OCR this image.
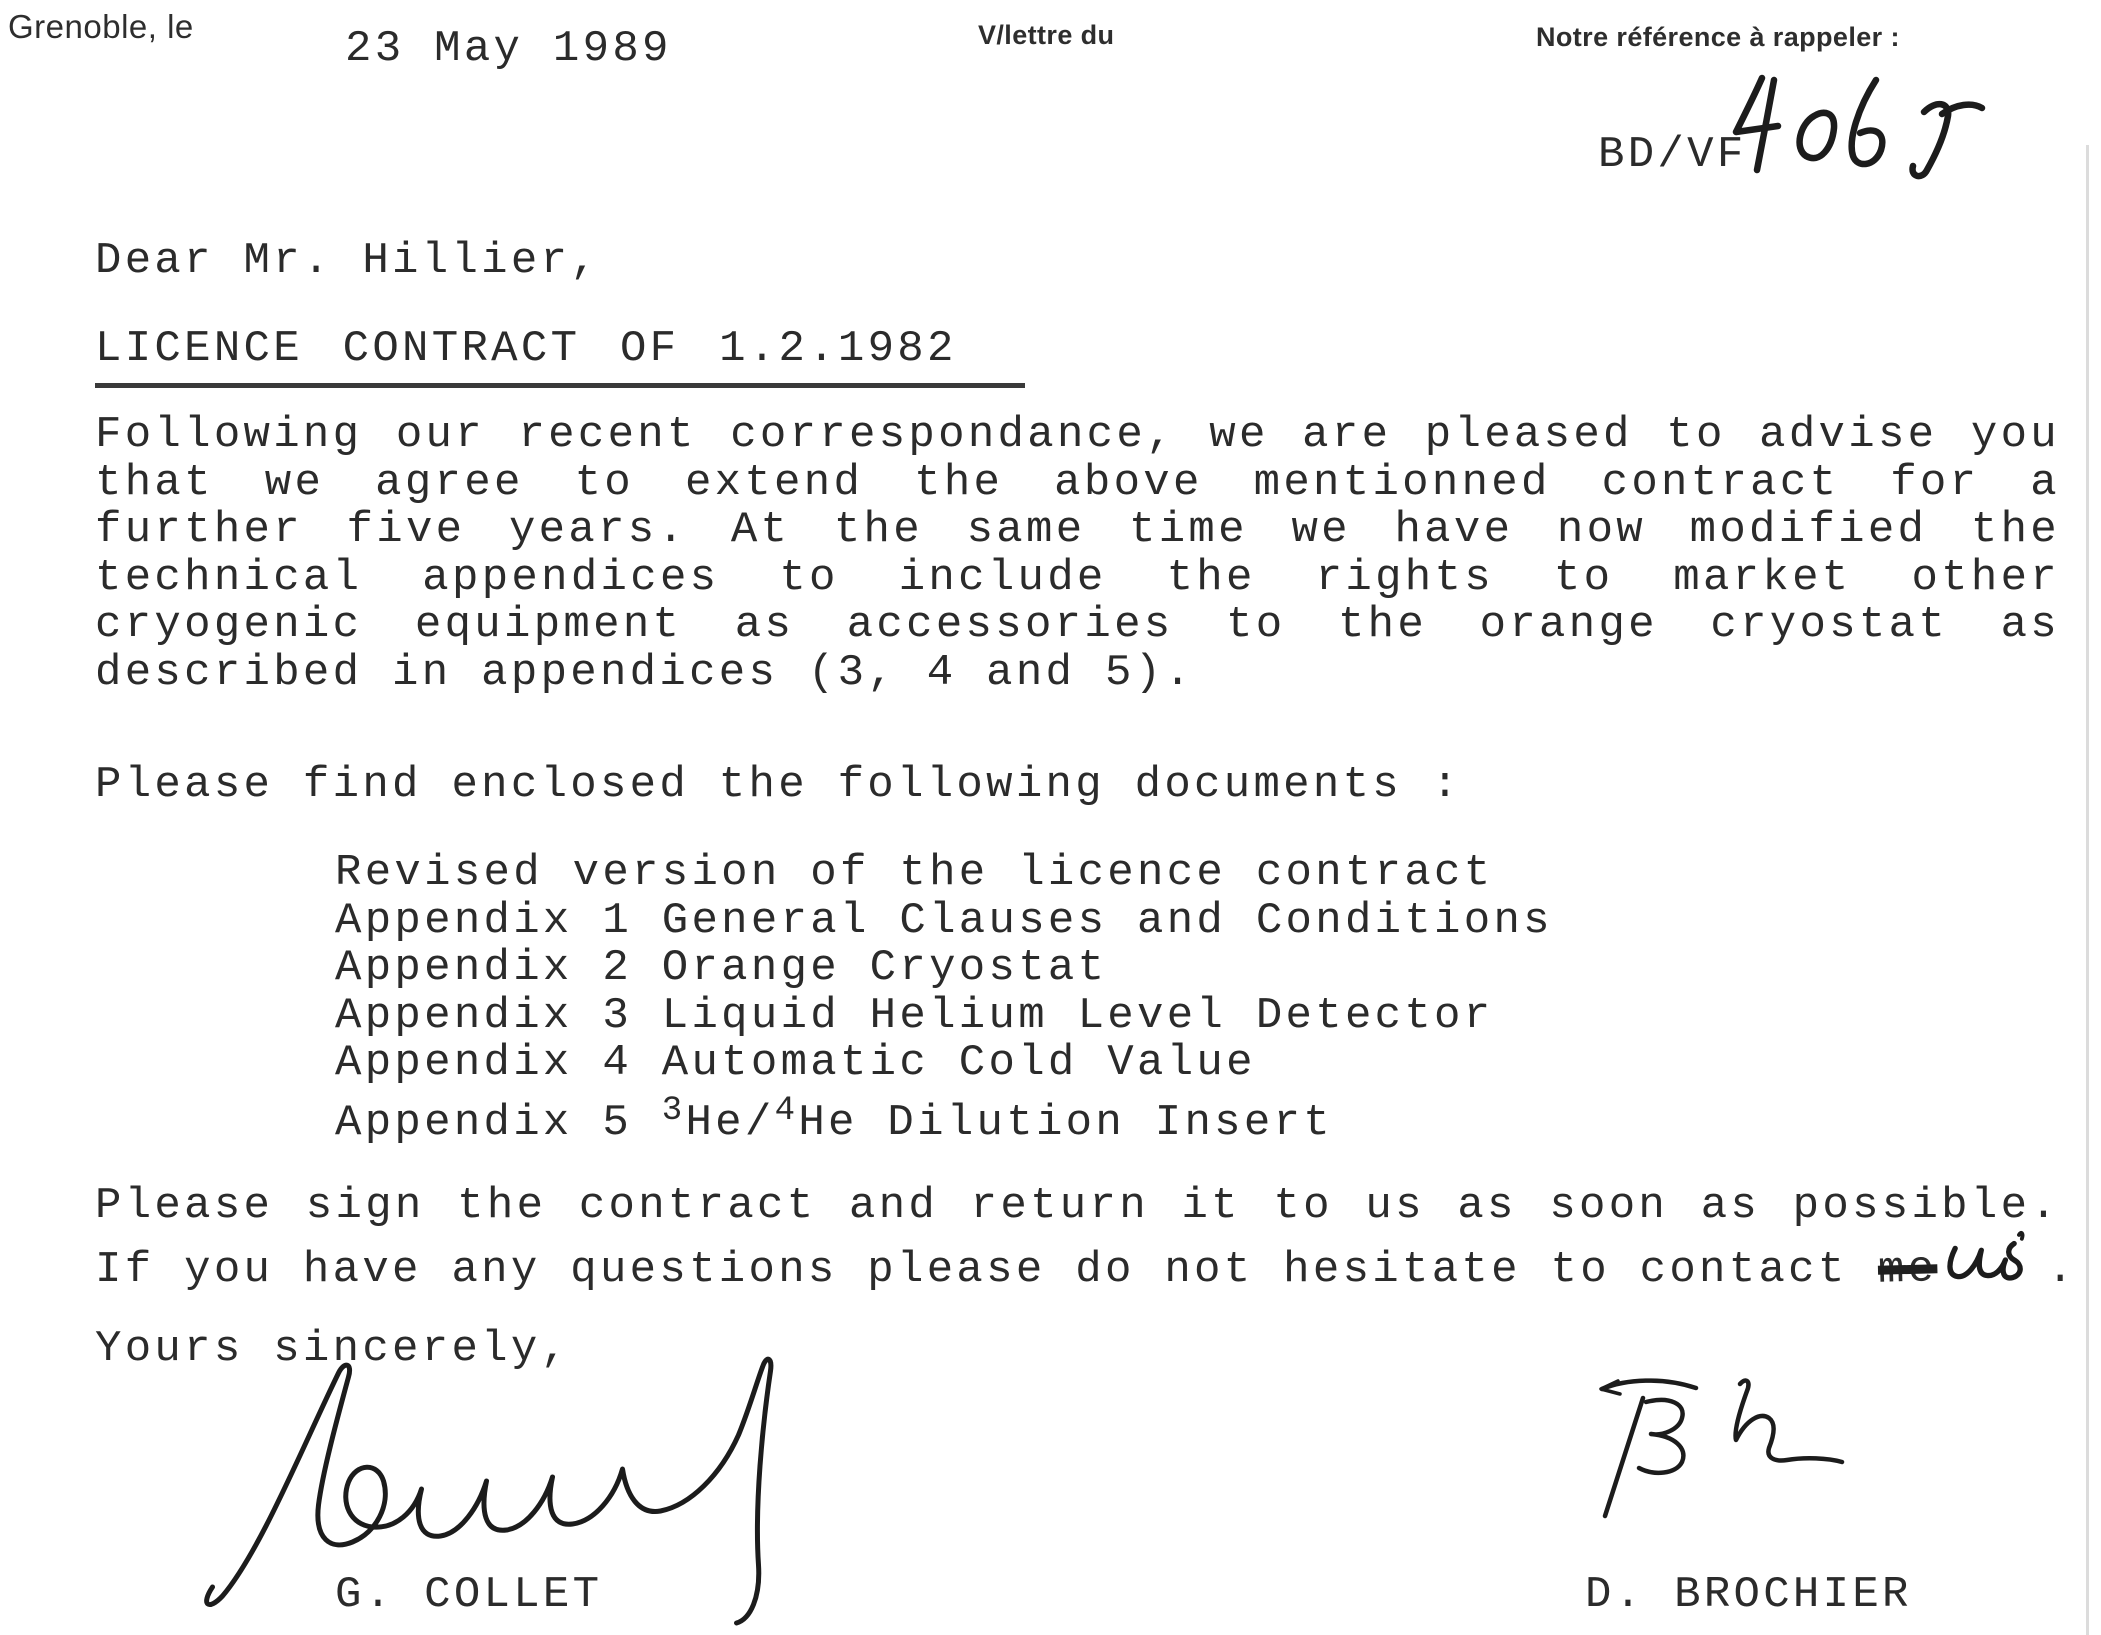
Grenoble, le	23 May 1989	V/lettre du	Notre référence à rappeler :
BD/VF
Dear Mr. Hillier,
LICENCE CONTRACT OF 1.2.1982
Following our recent correspondance, we are pleased to advise you
that we agree to extend the above mentionned contract for a
further five years. At the same time we have now modified the
technical appendices to include the rights to market other
cryogenic equipment as accessories to the orange cryostat as
described in appendices (3, 4 and 5).
Please find enclosed the following documents :
Revised version of the licence contract
Appendix 1 General Clauses and Conditions
Appendix 2 Orange Cryostat
Appendix 3 Liquid Helium Level Detector
Appendix 4 Automatic Cold Value
Appendix 5 $^3$He/$^4$He Dilution Insert
Please sign the contract and return it to us as soon as possible.
If you have any questions please do not hesitate to contact me .
Yours sincerely,
G. COLLET	D. BROCHIER
